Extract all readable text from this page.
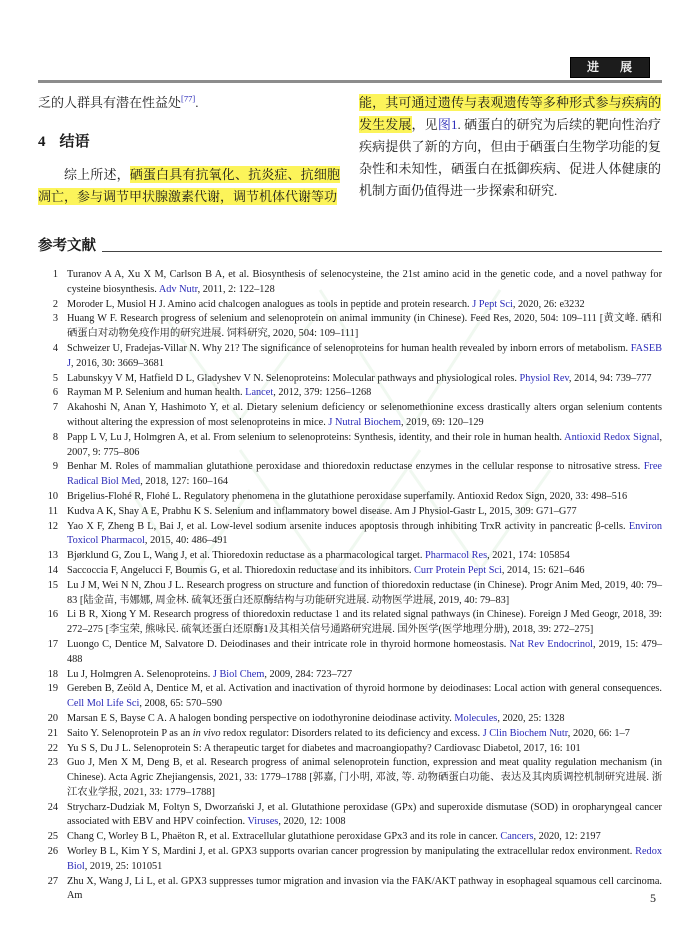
进 展

乏的人群具有潜在性益处[77].

4 结语

综上所述，硒蛋白具有抗氧化、抗炎症、抗细胞凋亡，参与调节甲状腺激素代谢，调节机体代谢等功

能，其可通过遗传与表观遗传等多种形式参与疾病的发生发展，见图1. 硒蛋白的研究为后续的靶向性治疗疾病提供了新的方向，但由于硒蛋白生物学功能的复杂性和未知性，硒蛋白在抵御疾病、促进人体健康的机制方面仍值得进一步探索和研究.

参考文献
1 Turanov A A, Xu X M, Carlson B A, et al. Biosynthesis of selenocysteine, the 21st amino acid in the genetic code, and a novel pathway for cysteine biosynthesis. Adv Nutr, 2011, 2: 122–128
2 Moroder L, Musiol H J. Amino acid chalcogen analogues as tools in peptide and protein research. J Pept Sci, 2020, 26: e3232
3 Huang W F. Research progress of selenium and selenoprotein on animal immunity (in Chinese). Feed Res, 2020, 504: 109–111 [黄文峰. 硒和硒蛋白对动物免疫作用的研究进展. 饲料研究, 2020, 504: 109–111]
4 Schweizer U, Fradejas-Villar N. Why 21? The significance of selenoproteins for human health revealed by inborn errors of metabolism. FASEB J, 2016, 30: 3669–3681
5 Labunskyy V M, Hatfield D L, Gladyshev V N. Selenoproteins: Molecular pathways and physiological roles. Physiol Rev, 2014, 94: 739–777
6 Rayman M P. Selenium and human health. Lancet, 2012, 379: 1256–1268
7 Akahoshi N, Anan Y, Hashimoto Y, et al. Dietary selenium deficiency or selenomethionine excess drastically alters organ selenium contents without altering the expression of most selenoproteins in mice. J Nutral Biochem, 2019, 69: 120–129
8 Papp L V, Lu J, Holmgren A, et al. From selenium to selenoproteins: Synthesis, identity, and their role in human health. Antioxid Redox Signal, 2007, 9: 775–806
9 Benhar M. Roles of mammalian glutathione peroxidase and thioredoxin reductase enzymes in the cellular response to nitrosative stress. Free Radical Biol Med, 2018, 127: 160–164
10 Brigelius-Flohé R, Flohé L. Regulatory phenomena in the glutathione peroxidase superfamily. Antioxid Redox Sign, 2020, 33: 498–516
11 Kudva A K, Shay A E, Prabhu K S. Selenium and inflammatory bowel disease. Am J Physiol-Gastr L, 2015, 309: G71–G77
12 Yao X F, Zheng B L, Bai J, et al. Low-level sodium arsenite induces apoptosis through inhibiting TrxR activity in pancreatic β-cells. Environ Toxicol Pharmacol, 2015, 40: 486–491
13 Bjørklund G, Zou L, Wang J, et al. Thioredoxin reductase as a pharmacological target. Pharmacol Res, 2021, 174: 105854
14 Saccoccia F, Angelucci F, Boumis G, et al. Thioredoxin reductase and its inhibitors. Curr Protein Pept Sci, 2014, 15: 621–646
15 Lu J M, Wei N N, Zhou J L. Research progress on structure and function of thioredoxin reductase (in Chinese). Progr Anim Med, 2019, 40: 79–83 [陆金苗, 韦娜娜, 周金林. 硫氧还蛋白还原酶结构与功能研究进展. 动物医学进展, 2019, 40: 79–83]
16 Li B R, Xiong Y M. Research progress of thioredoxin reductase 1 and its related signal pathways (in Chinese). Foreign J Med Geogr, 2018, 39: 272–275 [李宝荣, 熊咏民. 硫氧还蛋白还原酶1及其相关信号通路研究进展. 国外医学(医学地理分册), 2018, 39: 272–275]
17 Luongo C, Dentice M, Salvatore D. Deiodinases and their intricate role in thyroid hormone homeostasis. Nat Rev Endocrinol, 2019, 15: 479–488
18 Lu J, Holmgren A. Selenoproteins. J Biol Chem, 2009, 284: 723–727
19 Gereben B, Zeöld A, Dentice M, et al. Activation and inactivation of thyroid hormone by deiodinases: Local action with general consequences. Cell Mol Life Sci, 2008, 65: 570–590
20 Marsan E S, Bayse C A. A halogen bonding perspective on iodothyronine deiodinase activity. Molecules, 2020, 25: 1328
21 Saito Y. Selenoprotein P as an in vivo redox regulator: Disorders related to its deficiency and excess. J Clin Biochem Nutr, 2020, 66: 1–7
22 Yu S S, Du J L. Selenoprotein S: A therapeutic target for diabetes and macroangiopathy? Cardiovasc Diabetol, 2017, 16: 101
23 Guo J, Men X M, Deng B, et al. Research progress of animal selenoprotein function, expression and meat quality regulation mechanism (in Chinese). Acta Agric Zhejiangensis, 2021, 33: 1779–1788 [郭嘉, 门小明, 邓波, 等. 动物硒蛋白功能、表达及其肉质调控机制研究进展. 浙江农业学报, 2021, 33: 1779–1788]
24 Strycharz-Dudziak M, Foltyn S, Dworzański J, et al. Glutathione peroxidase (GPx) and superoxide dismutase (SOD) in oropharyngeal cancer associated with EBV and HPV coinfection. Viruses, 2020, 12: 1008
25 Chang C, Worley B L, Phaëton R, et al. Extracellular glutathione peroxidase GPx3 and its role in cancer. Cancers, 2020, 12: 2197
26 Worley B L, Kim Y S, Mardini J, et al. GPX3 supports ovarian cancer progression by manipulating the extracellular redox environment. Redox Biol, 2019, 25: 101051
27 Zhu X, Wang J, Li L, et al. GPX3 suppresses tumor migration and invasion via the FAK/AKT pathway in esophageal squamous cell carcinoma. Am	5
